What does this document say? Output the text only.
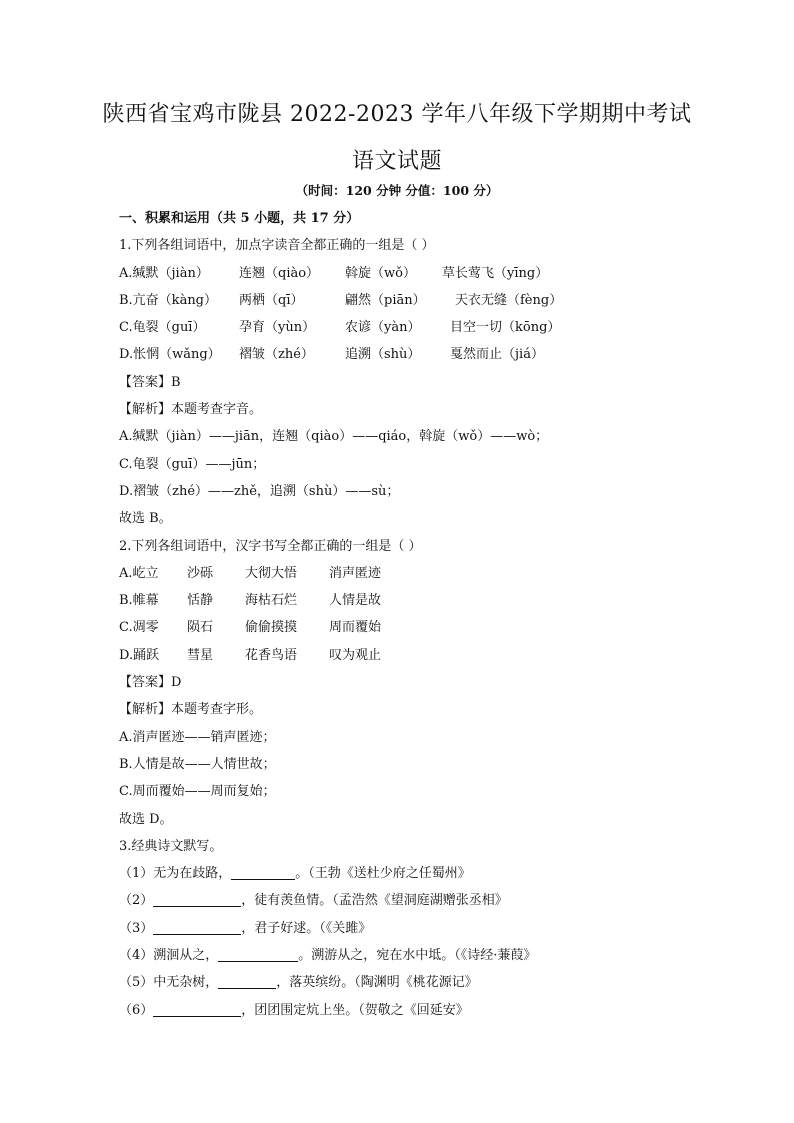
陕西省宝鸡市陇县 2022-2023 学年八年级下学期期中考试
语文试题
（时间：120 分钟 分值：100 分）
一、积累和运用（共 5 小题，共 17 分）
1.下列各组词语中，加点字读音全都正确的一组是（ ）
A.缄默（jiàn） 连翘（qiào） 斡旋（wǒ） 草长莺飞（yīng）
B.亢奋（kàng） 两栖（qī）	翩然（piān） 天衣无缝（fèng）
C.龟裂（guī）	孕育（yùn） 农谚（yàn） 目空一切（kōng）
D.怅惘（wǎng） 褶皱（zhé） 追溯（shù） 戛然而止（jiá）
【答案】B
【解析】本题考查字音。
A.缄默（jiàn）——jiān，连翘（qiào）——qiáo，斡旋（wǒ）——wò；
C.龟裂（guī）——jūn；
D.褶皱（zhé）——zhě，追溯（shù）——sù；
故选 B。
2.下列各组词语中，汉字书写全都正确的一组是（ ）
A.屹立 沙砾 大彻大悟 消声匿迹
B.帷幕 恬静 海枯石烂 人情是故
C.凋零 陨石 偷偷摸摸 周而覆始
D.踊跃 彗星 花香鸟语 叹为观止
【答案】D
【解析】本题考查字形。
A.消声匿迹——销声匿迹；
B.人情是故——人情世故；
C.周而覆始——周而复始；
故选 D。
3.经典诗文默写。
（1）无为在歧路，	。（王勃《送杜少府之任蜀州》
（2）	，徒有羡鱼情。（孟浩然《望洞庭湖赠张丞相》
（3）	，君子好逑。（《关雎》
（4）溯洄从之，	。溯游从之，宛在水中坻。（《诗经·蒹葭》
（5）中无杂树，	，落英缤纷。（陶渊明《桃花源记》
（6）	，团团围定炕上坐。（贺敬之《回延安》
